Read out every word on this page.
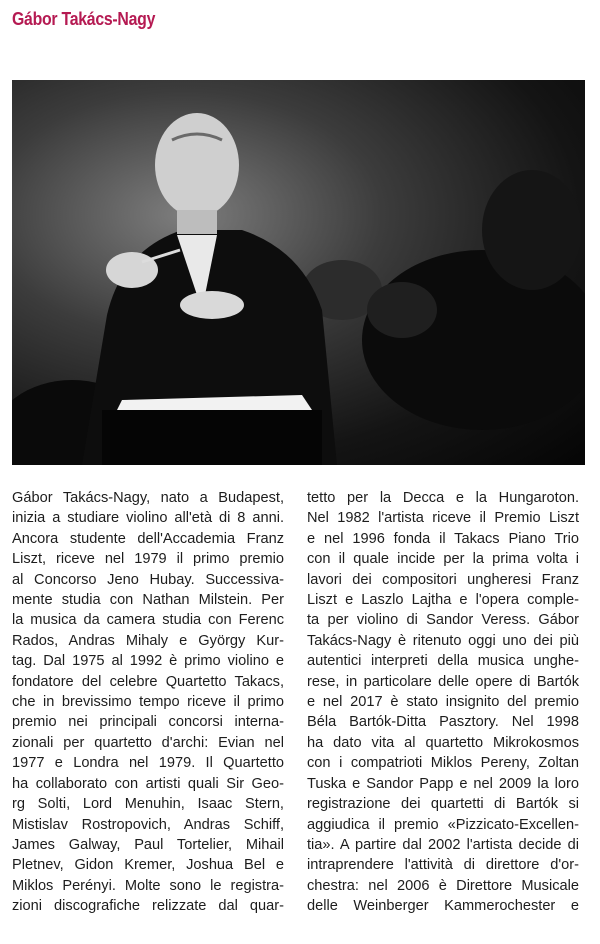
Gábor Takács-Nagy
Gábor Takács-Nagy, nato a Budapest,
inizia a studiare violino all'età di 8 anni.
Ancora studente dell'Accademia Franz
Liszt, riceve nel 1979 il primo premio
al Concorso Jeno Hubay. Successiva-
mente studia con Nathan Milstein. Per
la musica da camera studia con Ferenc
Rados, Andras Mihaly e György Kur-
tag. Dal 1975 al 1992 è primo violino e
fondatore del celebre Quartetto Takacs,
che in brevissimo tempo riceve il primo
premio nei principali concorsi interna-
zionali per quartetto d'archi: Evian nel
1977 e Londra nel 1979. Il Quartetto
ha collaborato con artisti quali Sir Geo-
rg Solti, Lord Menuhin, Isaac Stern,
Mistislav Rostropovich, Andras Schiff,
James Galway, Paul Tortelier, Mihail
Pletnev, Gidon Kremer, Joshua Bel e
Miklos Perényi. Molte sono le registra-
zioni discografiche relizzate dal quar-
tetto per la Decca e la Hungaroton.
Nel 1982 l'artista riceve il Premio Liszt
e nel 1996 fonda il Takacs Piano Trio
con il quale incide per la prima volta i
lavori dei compositori ungheresi Franz
Liszt e Laszlo Lajtha e l'opera comple-
ta per violino di Sandor Veress. Gábor
Takács-Nagy è ritenuto oggi uno dei più
autentici interpreti della musica unghe-
rese, in particolare delle opere di Bartók
e nel 2017 è stato insignito del premio
Béla Bartók-Ditta Pasztory. Nel 1998
ha dato vita al quartetto Mikrokosmos
con i compatrioti Miklos Pereny, Zoltan
Tuska e Sandor Papp e nel 2009 la loro
registrazione dei quartetti di Bartók si
aggiudica il premio «Pizzicato-Excellen-
tia». A partire dal 2002 l'artista decide di
intraprendere l'attività di direttore d'or-
chestra: nel 2006 è Direttore Musicale
delle Weinberger Kammerochester e
